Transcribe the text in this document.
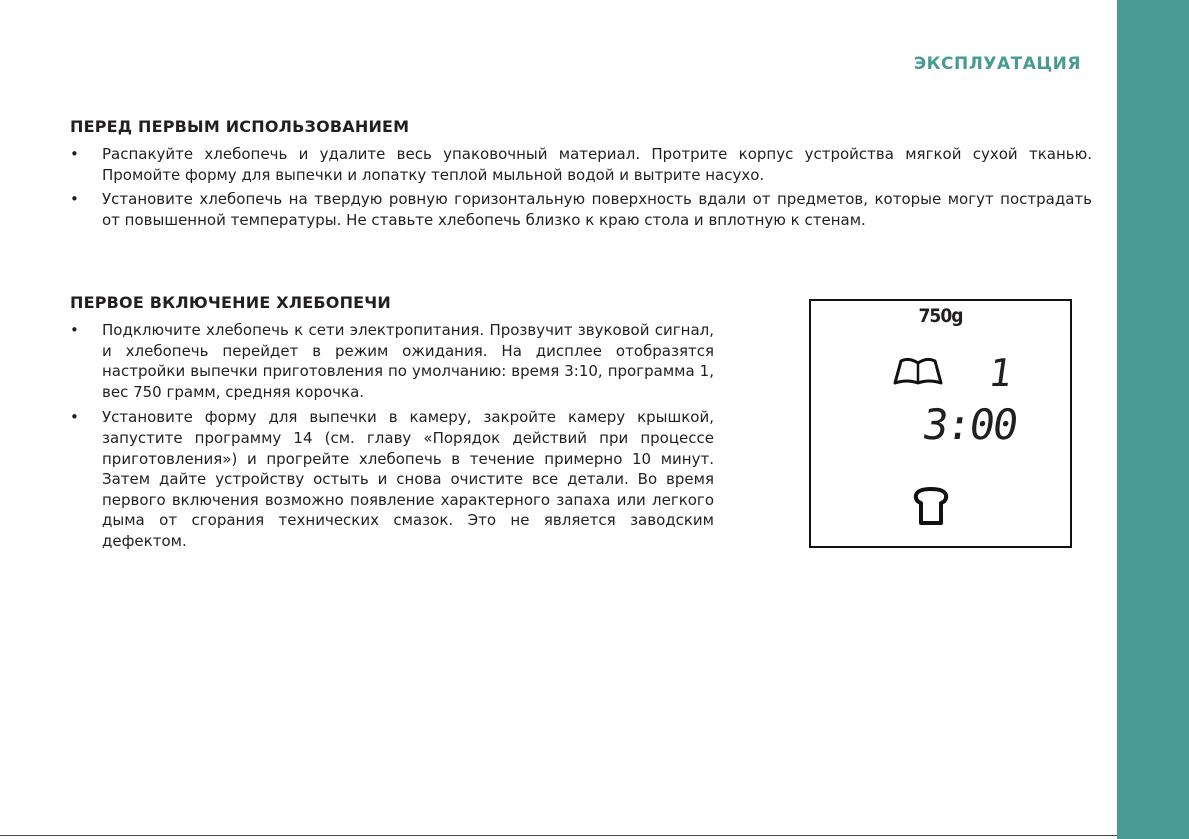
ЭКСПЛУАТАЦИЯ
ПЕРЕД ПЕРВЫМ ИСПОЛЬЗОВАНИЕМ
• Распакуйте хлебопечь и удалите весь упаковочный материал. Протрите корпус устройства мягкой сухой тканью. Промойте форму для выпечки и лопатку теплой мыльной водой и вытрите насухо.
• Установите хлебопечь на твердую ровную горизонтальную поверхность вдали от предметов, которые могут пострадать от повышенной температуры. Не ставьте хлебопечь близко к краю стола и вплотную к стенам.
ПЕРВОЕ ВКЛЮЧЕНИЕ ХЛЕБОПЕЧИ
• Подключите хлебопечь к сети электропитания. Прозвучит звуковой сигнал, и хлебопечь перейдет в режим ожидания. На дисплее отобразятся настройки выпечки приготовления по умолчанию: время 3:10, программа 1, вес 750 грамм, средняя корочка.
• Установите форму для выпечки в камеру, закройте камеру крышкой, запустите программу 14 (см. главу «Порядок действий при процессе приготовления») и прогрейте хлебопечь в течение примерно 10 минут. Затем дайте устройству остыть и снова очистите все детали. Во время первого включения возможно появление характерного запаха или легкого дыма от сгорания технических смазок. Это не является заводским дефектом.
750g
1
3:00
